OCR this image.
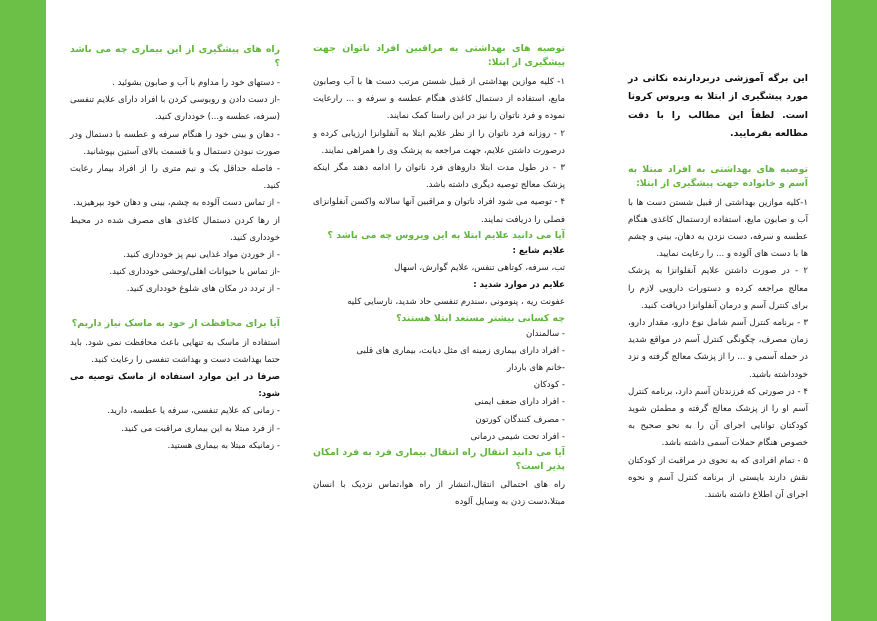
این برگه آموزشی دربردارنده نکاتی در مورد پیشگیری از ابتلا به ویروس کرونا است. لطفاً این مطالب را با دقت مطالعه بفرمایید.

توصیه های بهداشتی به افراد مبتلا به آسم و خانواده جهت پیشگیری از ابتلا:

۱-کلیه موازین بهداشتی از قبیل شستن دست ها با آب و صابون مایع، استفاده ازدستمال کاغذی هنگام عطسه و سرفه، دست نزدن به دهان، بینی و چشم ها با دست های آلوده و ... را رعایت نمایید.

۲ - در صورت داشتن علایم آنفلوانزا به پزشک معالج مراجعه کرده و دستورات دارویی لازم را برای کنترل آسم و درمان آنفلوانزا دریافت کنید.

۳ - برنامه کنترل آسم شامل نوع دارو، مقدار دارو، زمان مصرف، چگونگی کنترل آسم در مواقع شدید در حمله آسمی و ... را از پزشک معالج گرفته و نزد خودداشته باشید.

۴ - در صورتی که فرزندتان آسم دارد، برنامه کنترل آسم او را از پزشک معالج گرفته و مطمئن شوید کودکتان توانایی اجرای آن را به نحو صحیح به خصوص هنگام حملات آسمی داشته باشد.

۵ - تمام افرادی که به نحوی در مراقبت از کودکتان نقش دارند بایستی از برنامه کنترل آسم و نحوه اجرای آن اطلاع داشته باشند.

توصیه های بهداشتی به مراقبین افراد ناتوان جهت پیشگیری از ابتلا:

۱- کلیه موازین بهداشتی از قبیل شستن مرتب دست ها با آب وصابون مایع، استفاده از دستمال کاغذی هنگام عطسه و سرفه و ... رارعایت نموده و فرد ناتوان را نیز در این راستا کمک نمایند.

۲ - روزانه فرد ناتوان را از نظر علایم ابتلا به آنفلوانزا ارزیابی کرده و درصورت داشتن علایم، جهت مراجعه به پزشک وی را همراهی نمایند.

۳ - در طول مدت ابتلا داروهای فرد ناتوان را ادامه دهند مگر اینکه پزشک معالج توصیه دیگری داشته باشد.

۴ - توصیه می شود افراد ناتوان و مراقبین آنها سالانه واکسن آنفلوانزای فصلی را دریافت نمایند.

آیا می دانید علایم ابتلا به این ویروس چه می باشد ؟

علایم شایع :

تب، سرفه، کوتاهی تنفس، علایم گوارش، اسهال

علایم در موارد شدید :

عفونت ریه ، پنومونی ،سندرم تنفسی حاد شدید، نارسایی کلیه

چه کسانی بیشتر مستعد ابتلا هستند؟

- سالمندان

- افراد دارای بیماری زمینه ای مثل دیابت، بیماری های قلبی

-خانم های باردار

- کودکان

- افراد دارای ضعف ایمنی

- مصرف کنندگان کورتون

- افراد تحت شیمی درمانی

آیا می دانید انتقال راه انتقال بیماری فرد به فرد امکان پذیر است؟

راه های احتمالی انتقال،انتشار از راه هوا،تماس نزدیک با انسان مبتلا،دست زدن به وسایل آلوده

راه های پیشگیری از این بیماری چه می باشد ؟

- دستهای خود را مداوم با آب و صابون بشوئید .

-از دست دادن و روبوسی کردن با افراد دارای علایم تنفسی (سرفه، عطسه و...) خودداری کنید.

- دهان و بینی خود را هنگام سرفه و عطسه با دستمال ودر صورت نبودن دستمال و با قسمت بالای آستین بپوشانید.

- فاصله حداقل یک و نیم متری را از افراد بیمار رعایت کنید.

- از تماس دست آلوده به چشم، بینی و دهان خود بپرهیزید.

از رها کردن دستمال کاغذی های مصرف شده در محیط خودداری کنید.

- از خوردن مواد غذایی نیم پز خودداری کنید.

-از تماس با حیوانات اهلی/وحشی خودداری کنید.

- از تردد در مکان های شلوغ خودداری کنید.

آیا برای محافظت از خود به ماسک نیاز داریم؟

استفاده از ماسک به تنهایی باعث محافظت نمی شود. باید حتما بهداشت دست و بهداشت تنفسی را رعایت کنید.

صرفا در این موارد استفاده از ماسک توصیه می شود:

- زمانی که علایم تنفسی، سرفه یا عطسه، دارید.

- از فرد مبتلا به این بیماری مراقبت می کنید.

- زمانیکه مبتلا به بیماری هستید.
